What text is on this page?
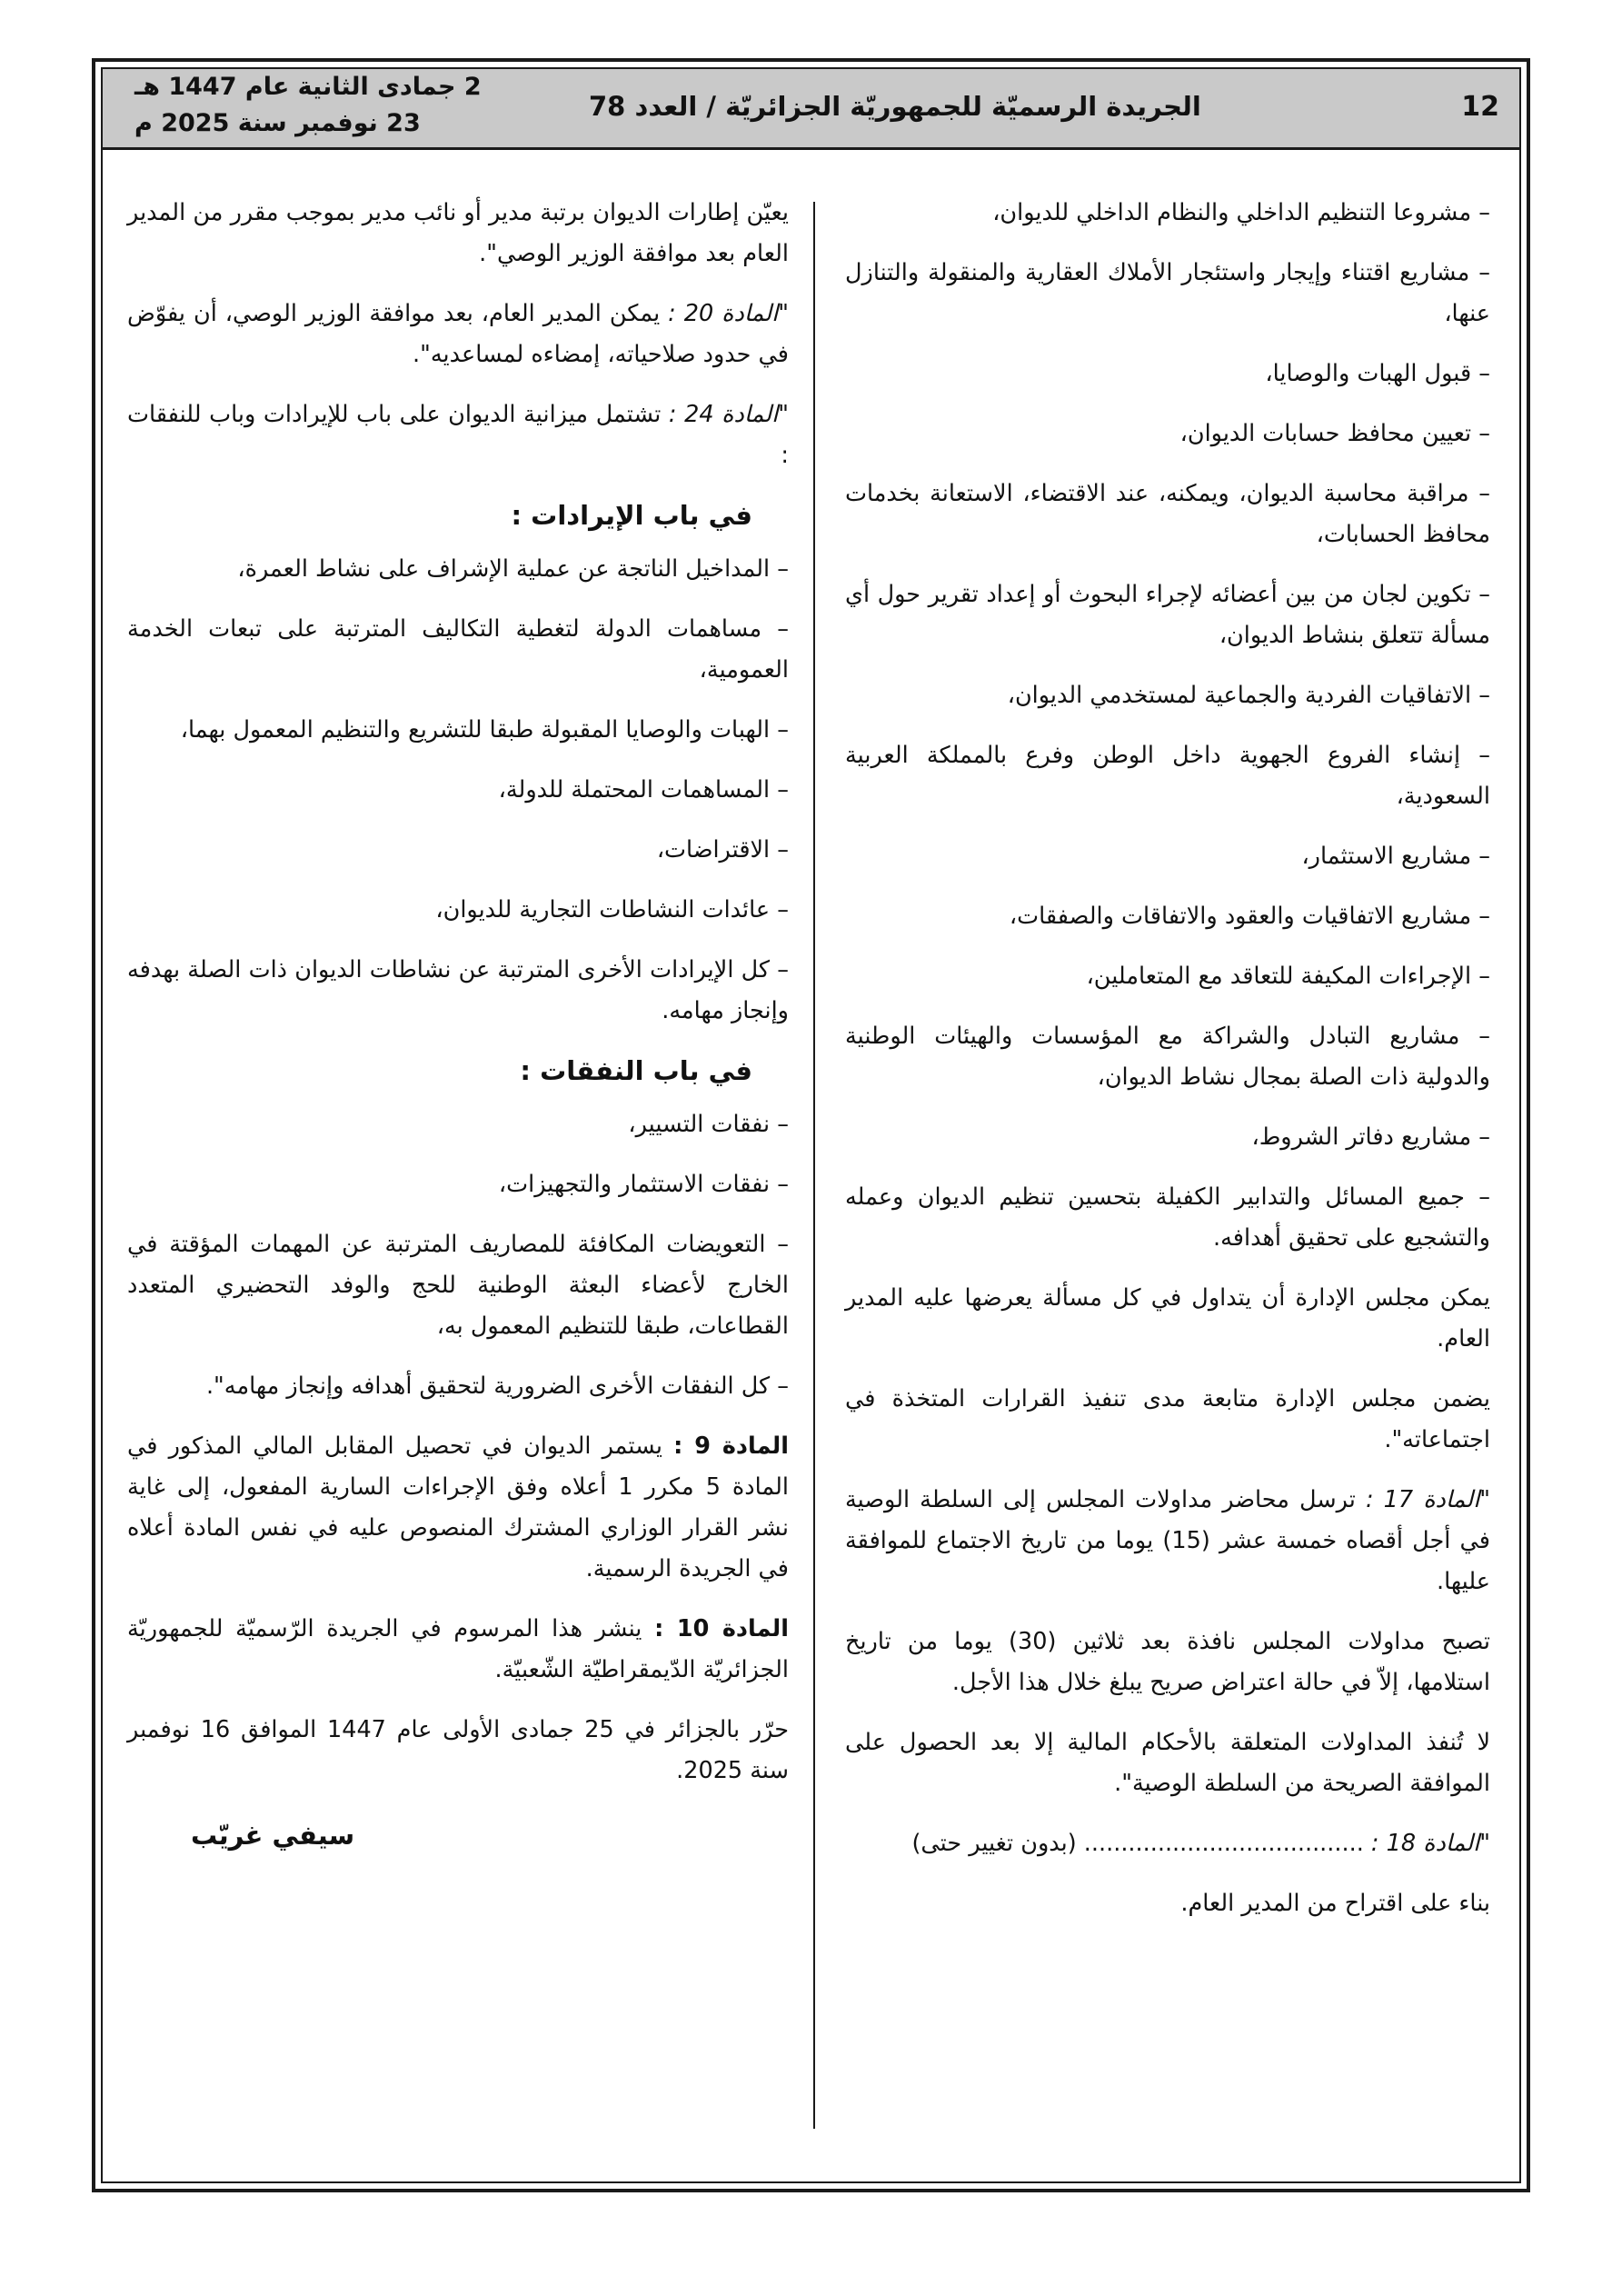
12
الجريدة الرسميّة للجمهوريّة الجزائريّة / العدد 78
2 جمادى الثانية عام 1447 هـ
23 نوفمبر سنة 2025 م

– مشروعا التنظيم الداخلي والنظام الداخلي للديوان،

– مشاريع اقتناء وإيجار واستئجار الأملاك العقارية والمنقولة والتنازل عنها،

– قبول الهبات والوصايا،

– تعيين محافظ حسابات الديوان،

– مراقبة محاسبة الديوان، ويمكنه، عند الاقتضاء، الاستعانة بخدمات محافظ الحسابات،

– تكوين لجان من بين أعضائه لإجراء البحوث أو إعداد تقرير حول أي مسألة تتعلق بنشاط الديوان،

– الاتفاقيات الفردية والجماعية لمستخدمي الديوان،

– إنشاء الفروع الجهوية داخل الوطن وفرع بالمملكة العربية السعودية،

– مشاريع الاستثمار،

– مشاريع الاتفاقيات والعقود والاتفاقات والصفقات،

– الإجراءات المكيفة للتعاقد مع المتعاملين،

– مشاريع التبادل والشراكة مع المؤسسات والهيئات الوطنية والدولية ذات الصلة بمجال نشاط الديوان،

– مشاريع دفاتر الشروط،

– جميع المسائل والتدابير الكفيلة بتحسين تنظيم الديوان وعمله والتشجيع على تحقيق أهدافه.

يمكن مجلس الإدارة أن يتداول في كل مسألة يعرضها عليه المدير العام.

يضمن مجلس الإدارة متابعة مدى تنفيذ القرارات المتخذة في اجتماعاته".

"المادة 17 : ترسل محاضر مداولات المجلس إلى السلطة الوصية في أجل أقصاه خمسة عشر (15) يوما من تاريخ الاجتماع للموافقة عليها.

تصبح مداولات المجلس نافذة بعد ثلاثين (30) يوما من تاريخ استلامها، إلاّ في حالة اعتراض صريح يبلغ خلال هذا الأجل.

لا تُنفذ المداولات المتعلقة بالأحكام المالية إلا بعد الحصول على الموافقة الصريحة من السلطة الوصية".

"المادة 18 : ...................................... (بدون تغيير حتى)

بناء على اقتراح من المدير العام.

يعيّن إطارات الديوان برتبة مدير أو نائب مدير بموجب مقرر من المدير العام بعد موافقة الوزير الوصي".

"المادة 20 : يمكن المدير العام، بعد موافقة الوزير الوصي، أن يفوّض في حدود صلاحياته، إمضاءه لمساعديه".

"المادة 24 : تشتمل ميزانية الديوان على باب للإيرادات وباب للنفقات :

في باب الإيرادات :

– المداخيل الناتجة عن عملية الإشراف على نشاط العمرة،

– مساهمات الدولة لتغطية التكاليف المترتبة على تبعات الخدمة العمومية،

– الهبات والوصايا المقبولة طبقا للتشريع والتنظيم المعمول بهما،

– المساهمات المحتملة للدولة،

– الاقتراضات،

– عائدات النشاطات التجارية للديوان،

– كل الإيرادات الأخرى المترتبة عن نشاطات الديوان ذات الصلة بهدفه وإنجاز مهامه.

في باب النفقات :

– نفقات التسيير،

– نفقات الاستثمار والتجهيزات،

– التعويضات المكافئة للمصاريف المترتبة عن المهمات المؤقتة في الخارج لأعضاء البعثة الوطنية للحج والوفد التحضيري المتعدد القطاعات، طبقا للتنظيم المعمول به،

– كل النفقات الأخرى الضرورية لتحقيق أهدافه وإنجاز مهامه".

المادة 9 : يستمر الديوان في تحصيل المقابل المالي المذكور في المادة 5 مكرر 1 أعلاه وفق الإجراءات السارية المفعول، إلى غاية نشر القرار الوزاري المشترك المنصوص عليه في نفس المادة أعلاه في الجريدة الرسمية.

المادة 10 : ينشر هذا المرسوم في الجريدة الرّسميّة للجمهوريّة الجزائريّة الدّيمقراطيّة الشّعبيّة.

حرّر بالجزائر في 25 جمادى الأولى عام 1447 الموافق 16 نوفمبر سنة 2025.

سيفي غريّب
